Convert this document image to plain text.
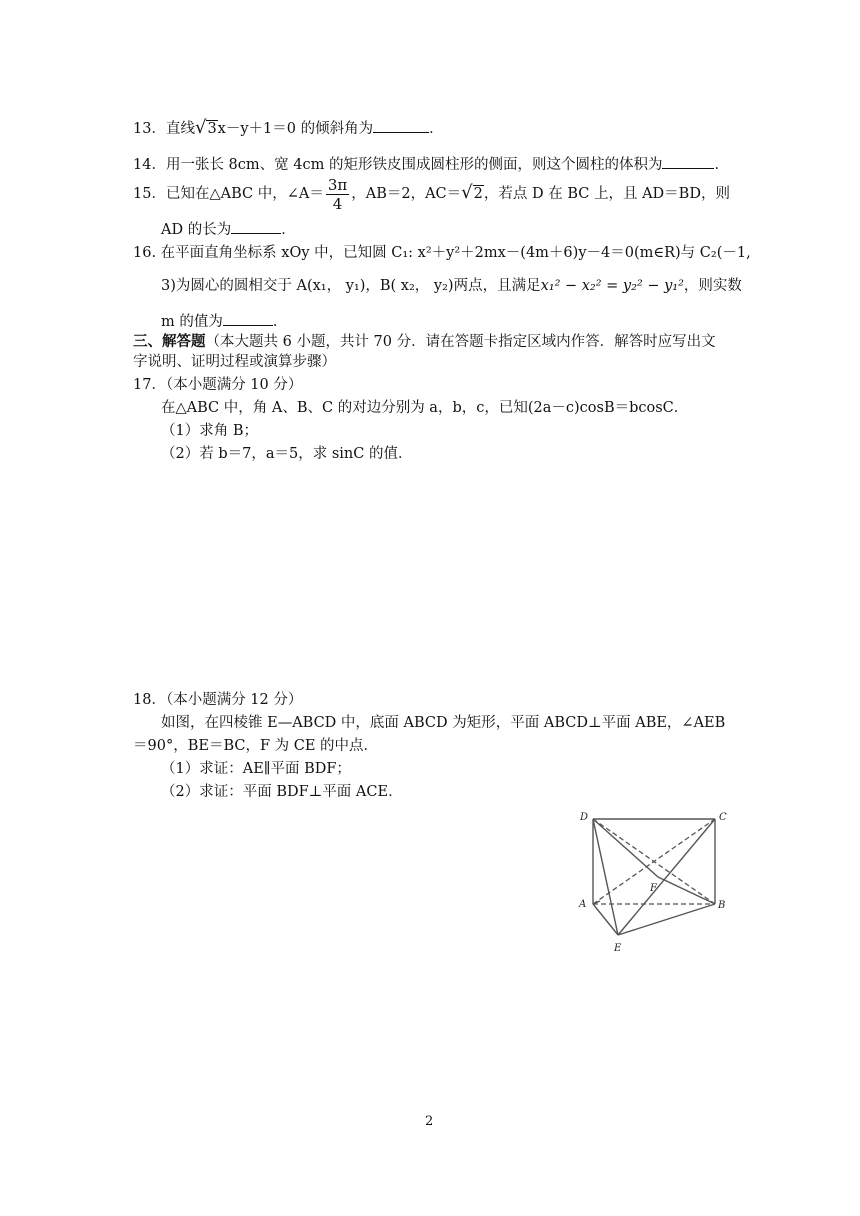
13．直线√3x－y＋1＝0 的倾斜角为	．
14．用一张长 8cm、宽 4cm 的矩形铁皮围成圆柱形的侧面，则这个圆柱的体积为	．
15．已知在△ABC 中，∠A＝ $\frac{3\pi}{4}$ ，AB＝2，AC＝√2，若点 D 在 BC 上，且 AD＝BD，则
AD 的长为	．
16. 在平面直角坐标系 xOy 中，已知圆 C₁: x²＋y²＋2mx－(4m＋6)y－4＝0(m∈R)与 C₂(－1,
3)为圆心的圆相交于 A(x₁， y₁)，B( x₂， y₂)两点，且满足x₁² − x₂² = y₂² − y₁²，则实数
m 的值为	．
三、解答题（本大题共 6 小题，共计 70 分．请在答题卡指定区域内作答．解答时应写出文
字说明、证明过程或演算步骤）
17．（本小题满分 10 分）
在△ABC 中，角 A、B、C 的对边分别为 a，b，c，已知(2a－c)cosB＝bcosC．
（1）求角 B；
（2）若 b＝7，a＝5，求 sinC 的值．
18．（本小题满分 12 分）
如图，在四棱锥 E—ABCD 中，底面 ABCD 为矩形，平面 ABCD⊥平面 ABE，∠AEB
＝90°，BE＝BC，F 为 CE 的中点．
（1）求证：AE∥平面 BDF；
（2）求证：平面 BDF⊥平面 ACE．
D	C
A	B
F
E
2
